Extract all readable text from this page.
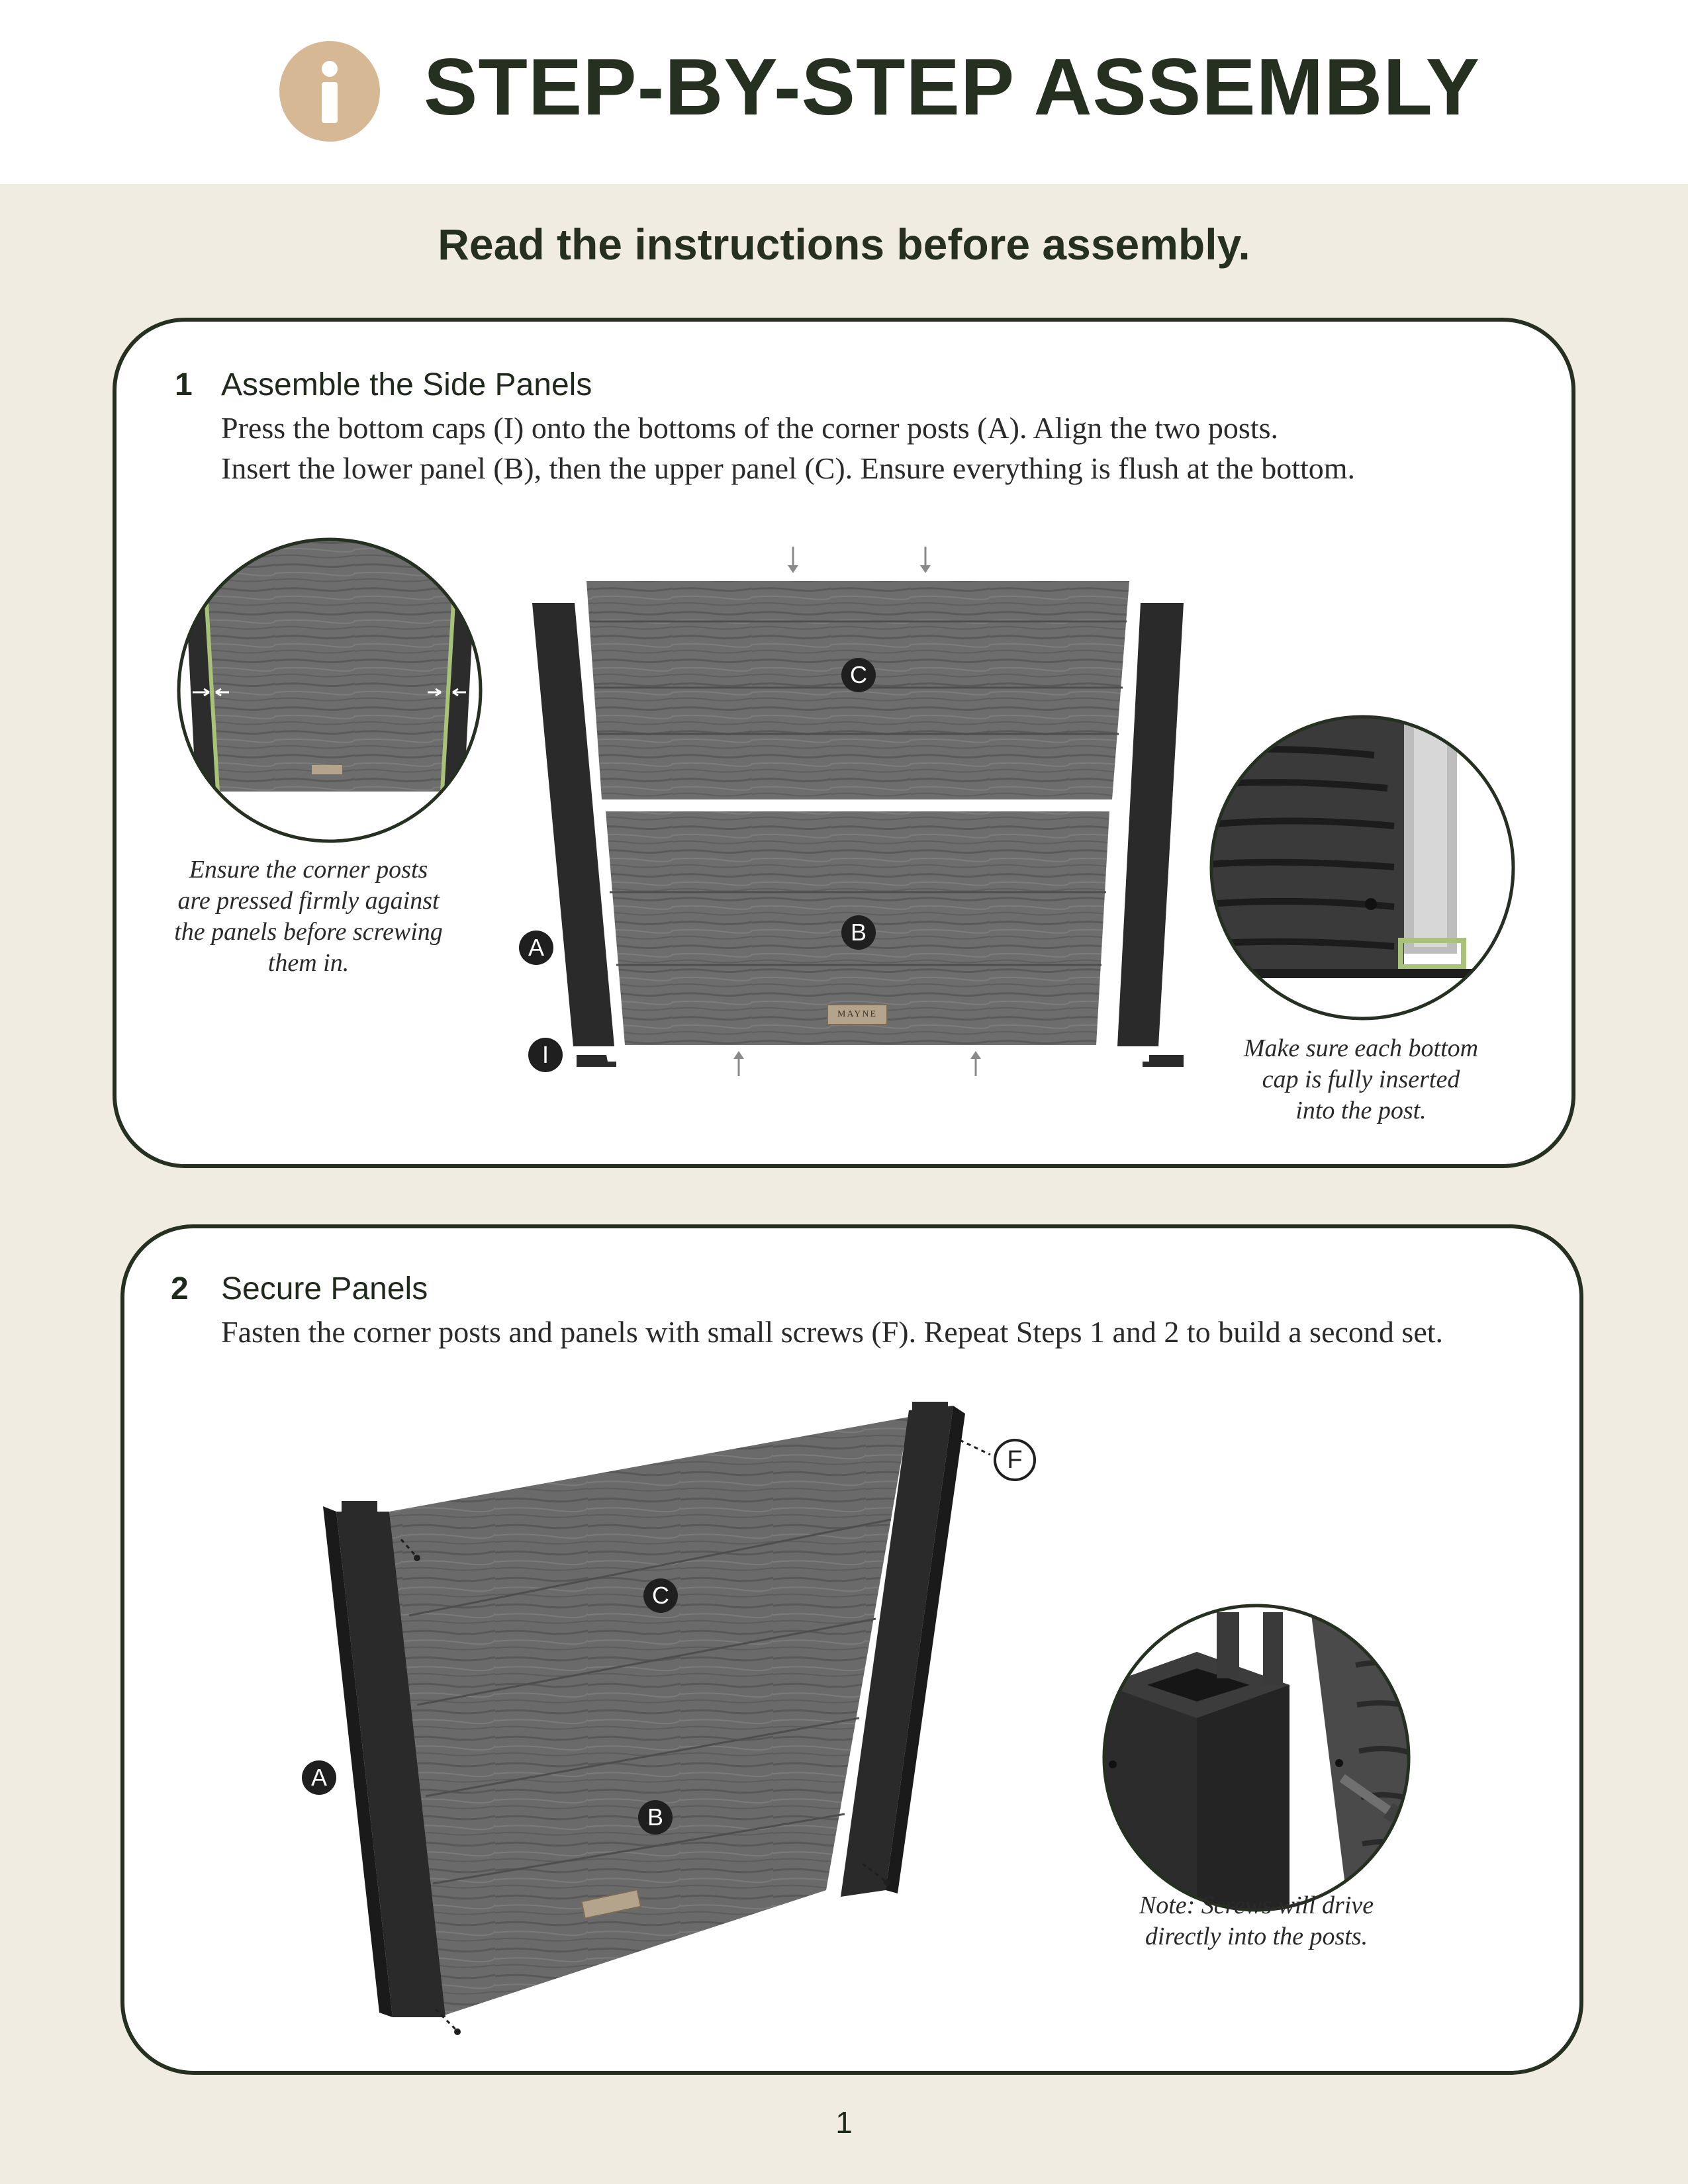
STEP-BY-STEP ASSEMBLY
Read the instructions before assembly.
1 Assemble the Side Panels
Press the bottom caps (I) onto the bottoms of the corner posts (A). Align the two posts.
Insert the lower panel (B), then the upper panel (C). Ensure everything is flush at the bottom.
C
B
A
I
MAYNE
Ensure the corner posts
are pressed firmly against
the panels before screwing
them in.
Make sure each bottom
cap is fully inserted
into the post.
2 Secure Panels
Fasten the corner posts and panels with small screws (F). Repeat Steps 1 and 2 to build a second set.
F
C
B
A
Note: Screws will drive
directly into the posts.
1
